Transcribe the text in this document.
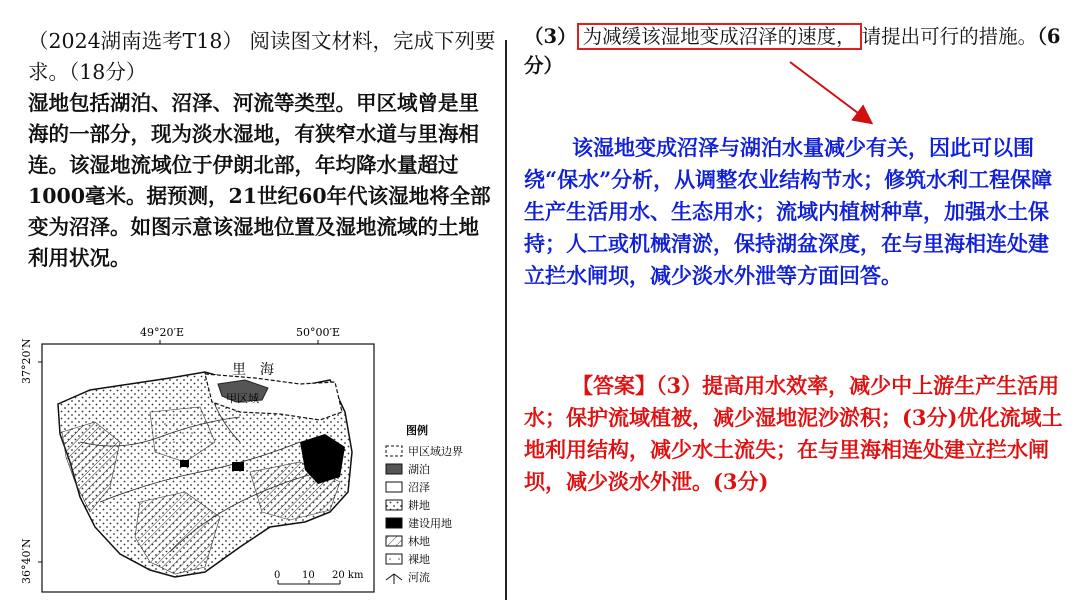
（2024湖南选考T18） 阅读图文材料，完成下列要求。（18分）
湿地包括湖泊、沼泽、河流等类型。甲区域曾是里海的一部分，现为淡水湿地，有狭窄水道与里海相连。该湿地流域位于伊朗北部，年均降水量超过1000毫米。据预测，21世纪60年代该湿地将全部变为沼泽。如图示意该湿地位置及湿地流域的土地利用状况。
49°20′E	50°00′E
37°20′N
36°40′N
里　海
甲区域
图例
甲区域边界
湖泊
沼泽
耕地
建设用地
林地
裸地
河流
0 10 20 km
（3） 为减缓该湿地变成沼泽的速度， 请提出可行的措施。（6分）
该湿地变成沼泽与湖泊水量减少有关，因此可以围绕“保水”分析，从调整农业结构节水；修筑水利工程保障生产生活用水、生态用水；流域内植树种草，加强水土保持；人工或机械清淤，保持湖盆深度，在与里海相连处建立拦水闸坝，减少淡水外泄等方面回答。
【答案】（3）提高用水效率，减少中上游生产生活用水；保护流域植被，减少湿地泥沙淤积；(3分)优化流域土地利用结构，减少水土流失；在与里海相连处建立拦水闸坝，减少淡水外泄。(3分)
